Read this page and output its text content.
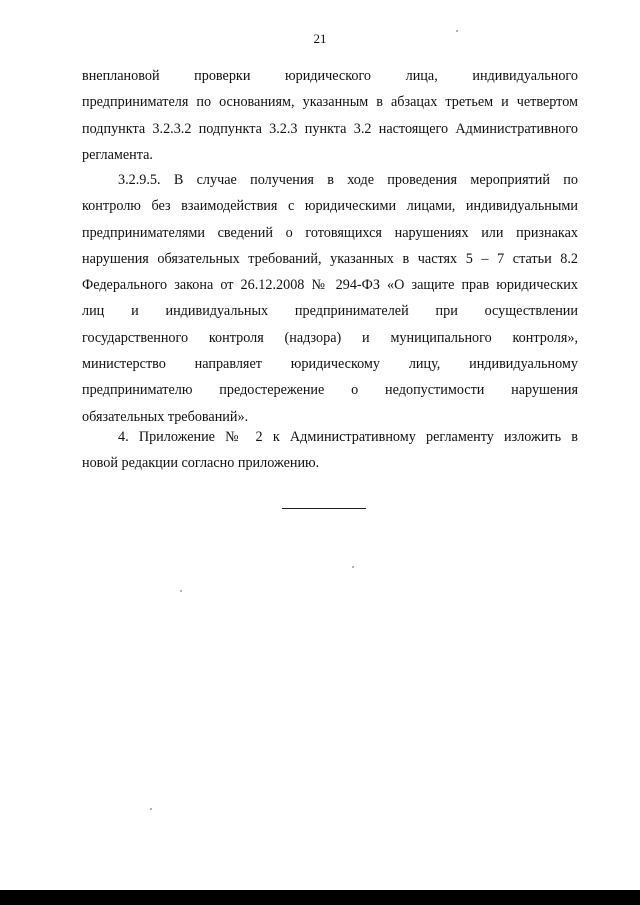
21
внеплановой проверки юридического лица, индивидуального
предпринимателя по основаниям, указанным в абзацах третьем и четвертом
подпункта 3.2.3.2 подпункта 3.2.3 пункта 3.2 настоящего Административного
регламента.
3.2.9.5. В случае получения в ходе проведения мероприятий по
контролю без взаимодействия с юридическими лицами, индивидуальными
предпринимателями сведений о готовящихся нарушениях или признаках
нарушения обязательных требований, указанных в частях 5 – 7 статьи 8.2
Федерального закона от 26.12.2008 № 294-ФЗ «О защите прав юридических
лиц и индивидуальных предпринимателей при осуществлении
государственного контроля (надзора) и муниципального контроля»,
министерство направляет юридическому лицу, индивидуальному
предпринимателю предостережение о недопустимости нарушения
обязательных требований».
4. Приложение № 2 к Административному регламенту изложить в
новой редакции согласно приложению.
